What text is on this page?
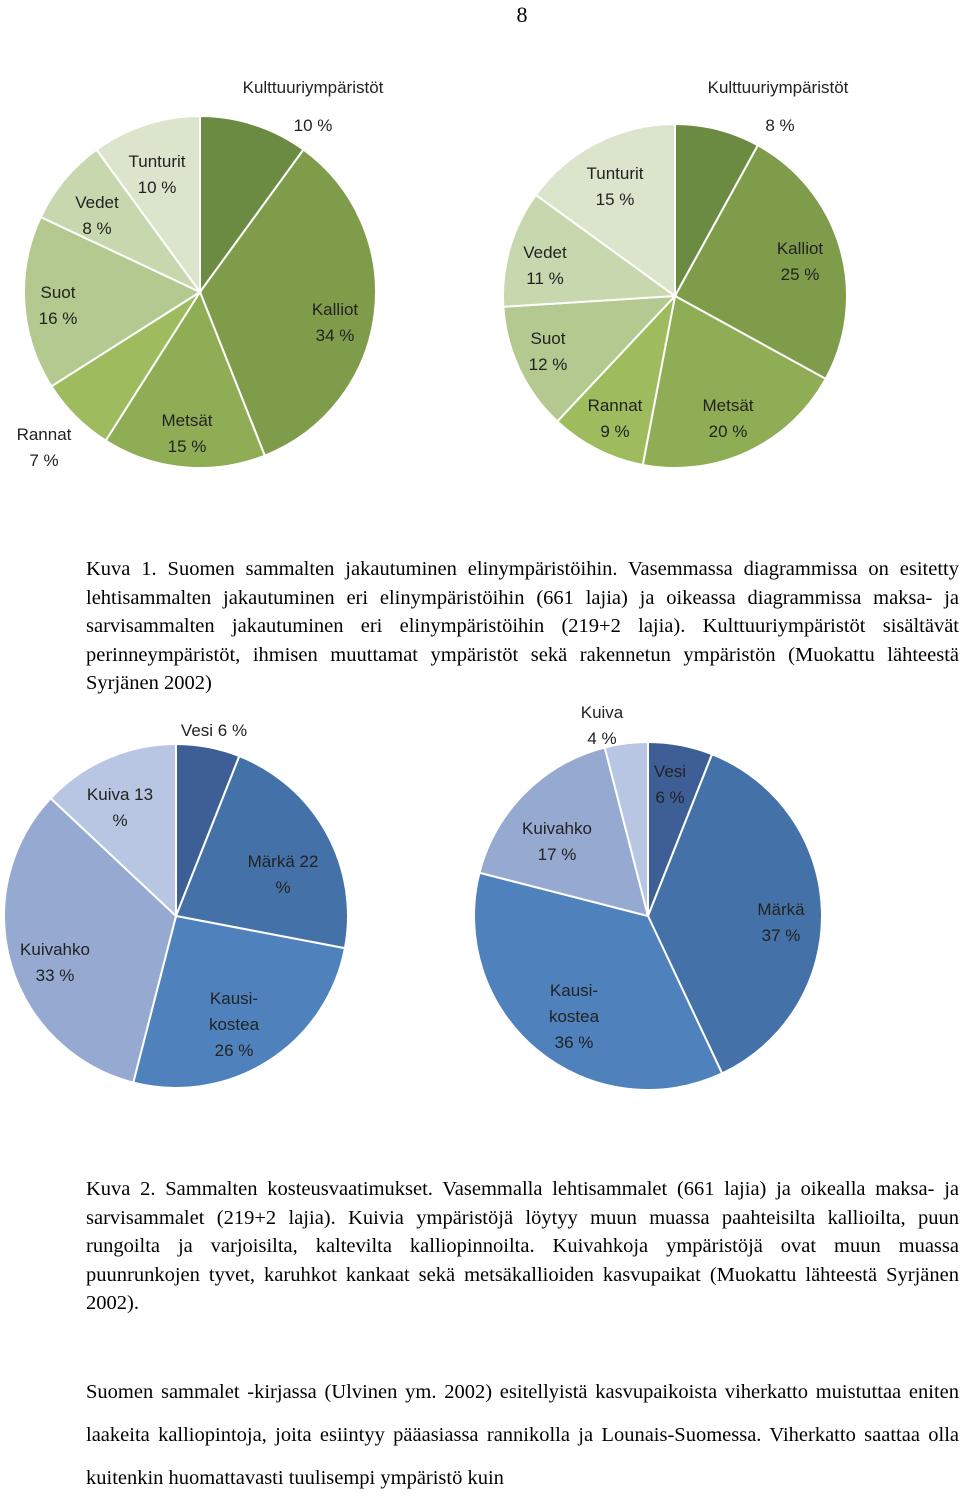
8
Kulttuuriympäristöt
10 %
Kalliot
34 %
Metsät
15 %
Rannat
7 %
Suot
16 %
Vedet
8 %
Tunturit
10 %
Kulttuuriympäristöt
8 %
Kalliot
25 %
Metsät
20 %
Rannat
9 %
Suot
12 %
Vedet
11 %
Tunturit
15 %
Vesi 6 %
Märkä 22
%
Kausi-
kostea
26 %
Kuivahko
33 %
Kuiva 13
%
Vesi
6 %
Märkä
37 %
Kausi-
kostea
36 %
Kuivahko
17 %
Kuiva
4 %

Kuva 1. Suomen sammalten jakautuminen elinympäristöihin. Vasemmassa diagrammissa on esitetty lehtisammalten jakautuminen eri elinympäristöihin (661 lajia) ja oikeassa diagrammissa maksa- ja sarvisammalten jakautuminen eri elinympäristöihin (219+2 lajia). Kulttuuriympäristöt sisältävät perinneympäristöt, ihmisen muuttamat ympäristöt sekä rakennetun ympäristön (Muokattu lähteestä Syrjänen 2002)

Kuva 2. Sammalten kosteusvaatimukset. Vasemmalla lehtisammalet (661 lajia) ja oikealla maksa- ja sarvisammalet (219+2 lajia). Kuivia ympäristöjä löytyy muun muassa paahteisilta kallioilta, puun rungoilta ja varjoisilta, kaltevilta kalliopinnoilta. Kuivahkoja ympäristöjä ovat muun muassa puunrunkojen tyvet, karuhkot kankaat sekä metsäkallioiden kasvupaikat (Muokattu lähteestä Syrjänen 2002).

Suomen sammalet -kirjassa (Ulvinen ym. 2002) esitellyistä kasvupaikoista viherkatto muistuttaa eniten laakeita kalliopintoja, joita esiintyy pääasiassa rannikolla ja Lounais-Suomessa. Viherkatto saattaa olla kuitenkin huomattavasti tuulisempi ympäristö kuin
